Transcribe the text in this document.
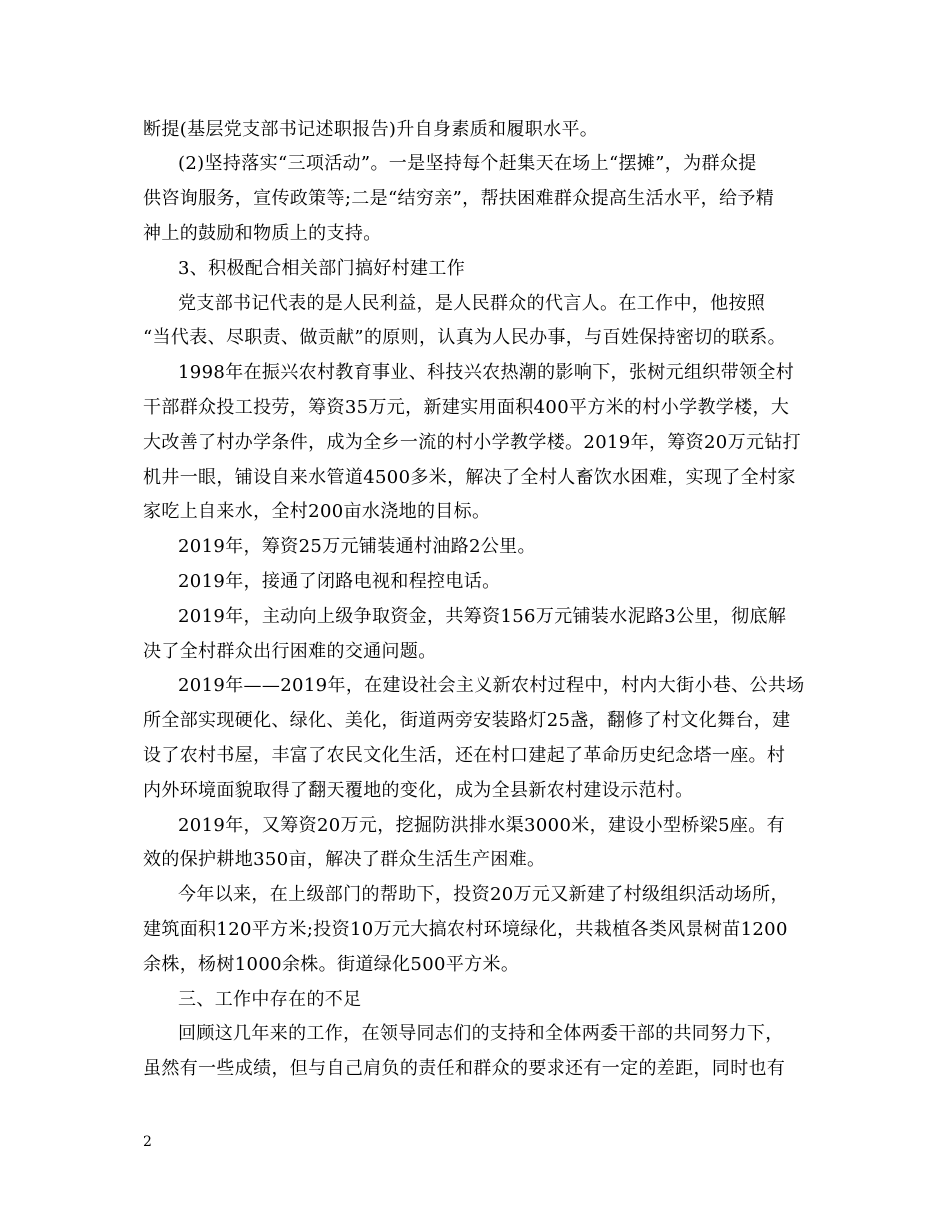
断提(基层党支部书记述职报告)升自身素质和履职水平。
(2)坚持落实“三项活动”。一是坚持每个赶集天在场上“摆摊”，为群众提
供咨询服务，宣传政策等;二是“结穷亲”，帮扶困难群众提高生活水平，给予精
神上的鼓励和物质上的支持。
3、积极配合相关部门搞好村建工作
党支部书记代表的是人民利益，是人民群众的代言人。在工作中，他按照
“当代表、尽职责、做贡献”的原则，认真为人民办事，与百姓保持密切的联系。
1998年在振兴农村教育事业、科技兴农热潮的影响下，张树元组织带领全村
干部群众投工投劳，筹资35万元，新建实用面积400平方米的村小学教学楼，大
大改善了村办学条件，成为全乡一流的村小学教学楼。2019年，筹资20万元钻打
机井一眼，铺设自来水管道4500多米，解决了全村人畜饮水困难，实现了全村家
家吃上自来水，全村200亩水浇地的目标。
2019年，筹资25万元铺装通村油路2公里。
2019年，接通了闭路电视和程控电话。
2019年，主动向上级争取资金，共筹资156万元铺装水泥路3公里，彻底解
决了全村群众出行困难的交通问题。
2019年——2019年，在建设社会主义新农村过程中，村内大街小巷、公共场
所全部实现硬化、绿化、美化，街道两旁安装路灯25盏，翻修了村文化舞台，建
设了农村书屋，丰富了农民文化生活，还在村口建起了革命历史纪念塔一座。村
内外环境面貌取得了翻天覆地的变化，成为全县新农村建设示范村。
2019年，又筹资20万元，挖掘防洪排水渠3000米，建设小型桥梁5座。有
效的保护耕地350亩，解决了群众生活生产困难。
今年以来，在上级部门的帮助下，投资20万元又新建了村级组织活动场所，
建筑面积120平方米;投资10万元大搞农村环境绿化，共栽植各类风景树苗1200
余株，杨树1000余株。街道绿化500平方米。
三、工作中存在的不足
回顾这几年来的工作，在领导同志们的支持和全体两委干部的共同努力下，
虽然有一些成绩，但与自己肩负的责任和群众的要求还有一定的差距，同时也有
2
